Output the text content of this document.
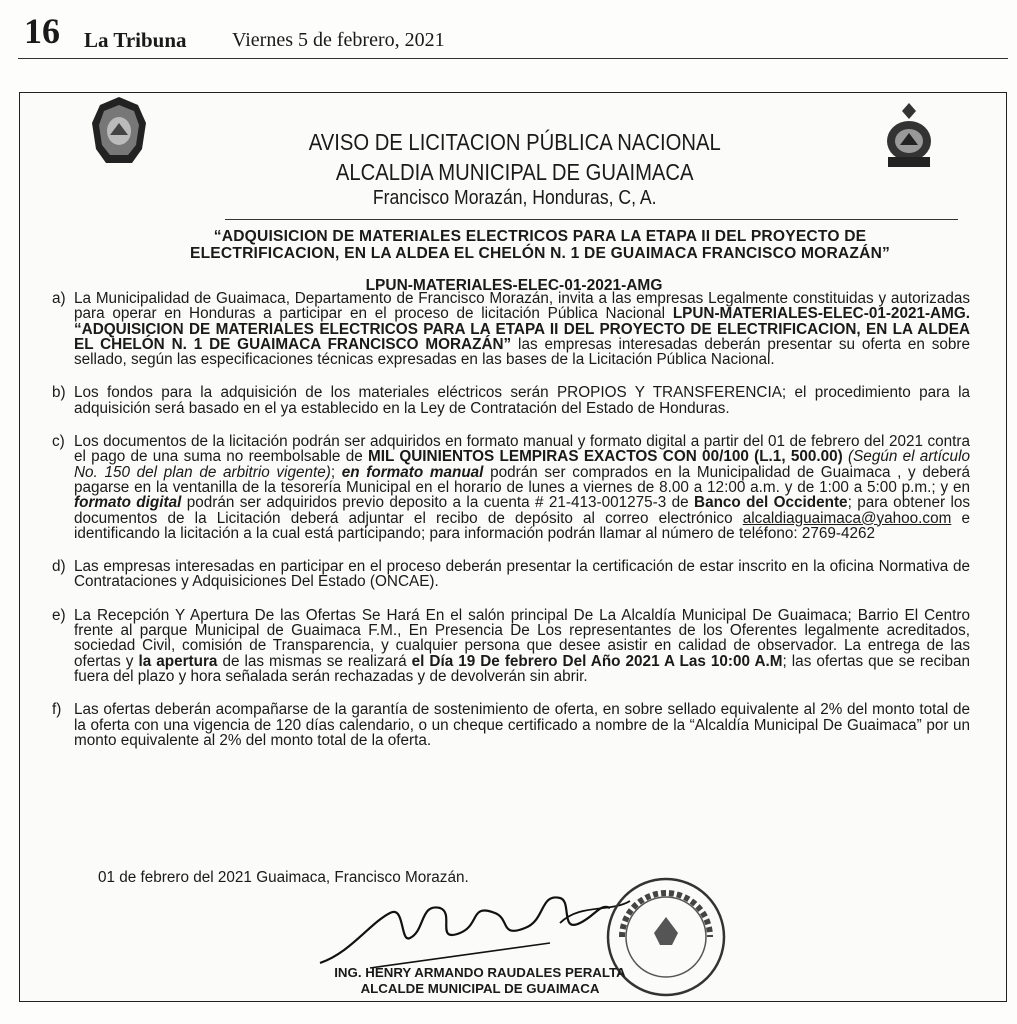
16 La Tribuna Viernes 5 de febrero, 2021
AVISO DE LICITACION PÚBLICA NACIONAL
ALCALDIA MUNICIPAL DE GUAIMACA
Francisco Morazán, Honduras, C, A.
“ADQUISICION DE MATERIALES ELECTRICOS PARA LA ETAPA II DEL PROYECTO DE ELECTRIFICACION, EN LA ALDEA EL CHELÓN N. 1 DE GUAIMACA FRANCISCO MORAZÁN”
LPUN-MATERIALES-ELEC-01-2021-AMG
a) La Municipalidad de Guaimaca, Departamento de Francisco Morazán, invita a las empresas Legalmente constituidas y autorizadas para operar en Honduras a participar en el proceso de licitación Pública Nacional LPUN-MATERIALES-ELEC-01-2021-AMG. “ADQUISICION DE MATERIALES ELECTRICOS PARA LA ETAPA II DEL PROYECTO DE ELECTRIFICACION, EN LA ALDEA EL CHELÓN N. 1 DE GUAIMACA FRANCISCO MORAZÁN” las empresas interesadas deberán presentar su oferta en sobre sellado, según las especificaciones técnicas expresadas en las bases de la Licitación Pública Nacional.
b) Los fondos para la adquisición de los materiales eléctricos serán PROPIOS Y TRANSFERENCIA; el procedimiento para la adquisición será basado en el ya establecido en la Ley de Contratación del Estado de Honduras.
c) Los documentos de la licitación podrán ser adquiridos en formato manual y formato digital a partir del 01 de febrero del 2021 contra el pago de una suma no reembolsable de MIL QUINIENTOS LEMPIRAS EXACTOS CON 00/100 (L.1, 500.00) (Según el artículo No. 150 del plan de arbitrio vigente); en formato manual podrán ser comprados en la Municipalidad de Guaimaca , y deberá pagarse en la ventanilla de la tesorería Municipal en el horario de lunes a viernes de 8.00 a 12:00 a.m. y de 1:00 a 5:00 p.m.; y en formato digital podrán ser adquiridos previo deposito a la cuenta # 21-413-001275-3 de Banco del Occidente; para obtener los documentos de la Licitación deberá adjuntar el recibo de depósito al correo electrónico alcaldiaguaimaca@yahoo.com e identificando la licitación a la cual está participando; para información podrán llamar al número de teléfono: 2769-4262
d) Las empresas interesadas en participar en el proceso deberán presentar la certificación de estar inscrito en la oficina Normativa de Contrataciones y Adquisiciones Del Estado (ONCAE).
e) La Recepción Y Apertura De las Ofertas Se Hará En el salón principal De La Alcaldía Municipal De Guaimaca; Barrio El Centro frente al parque Municipal de Guaimaca F.M., En Presencia De Los representantes de los Oferentes legalmente acreditados, sociedad Civil, comisión de Transparencia, y cualquier persona que desee asistir en calidad de observador. La entrega de las ofertas y la apertura de las mismas se realizará el Día 19 De febrero Del Año 2021 A Las 10:00 A.M; las ofertas que se reciban fuera del plazo y hora señalada serán rechazadas y de devolverán sin abrir.
f) Las ofertas deberán acompañarse de la garantía de sostenimiento de oferta, en sobre sellado equivalente al 2% del monto total de la oferta con una vigencia de 120 días calendario, o un cheque certificado a nombre de la “Alcaldía Municipal De Guaimaca” por un monto equivalente al 2% del monto total de la oferta.
01 de febrero del 2021 Guaimaca, Francisco Morazán.
ING. HENRY ARMANDO RAUDALES PERALTA
ALCALDE MUNICIPAL DE GUAIMACA
